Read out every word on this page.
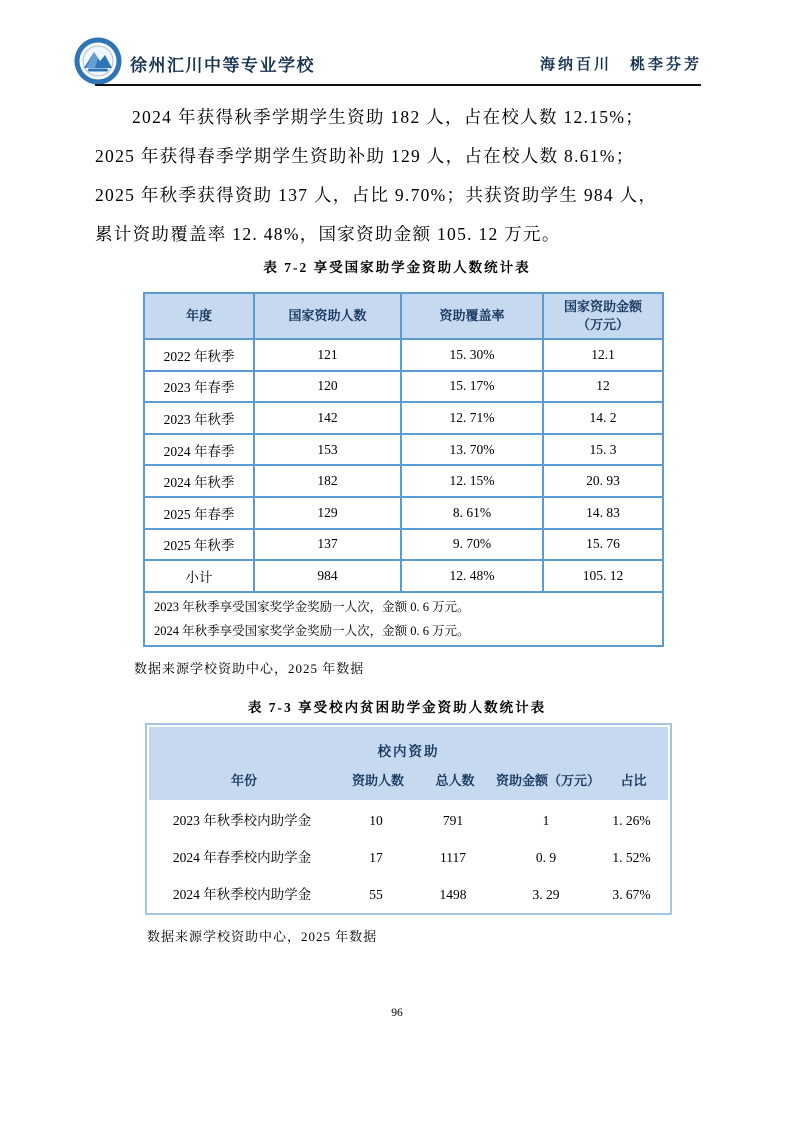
徐州汇川中等专业学校	海纳百川　桃李芬芳
2024 年获得秋季学期学生资助 182 人，占在校人数 12.15%；
2025 年获得春季学期学生资助补助 129 人，占在校人数 8.61%；
2025 年秋季获得资助 137 人，占比 9.70%；共获资助学生 984 人，
累计资助覆盖率 12. 48%，国家资助金额 105. 12 万元。
表 7-2 享受国家助学金资助人数统计表
年度	国家资助人数	资助覆盖率	国家资助金额
（万元）

2022 年秋季	121	15. 30%	12.1
2023 年春季	120	15. 17%	12
2023 年秋季	142	12. 71%	14. 2
2024 年春季	153	13. 70%	15. 3
2024 年秋季	182	12. 15%	20. 93
2025 年春季	129	8. 61%	14. 83
2025 年秋季	137	9. 70%	15. 76
小计	984	12. 48%	105. 12

2023 年秋季享受国家奖学金奖励一人次，金额 0. 6 万元。
2024 年秋季享受国家奖学金奖励一人次，金额 0. 6 万元。			
数据来源学校资助中心，2025 年数据
表 7-3 享受校内贫困助学金资助人数统计表
校内资助
年份	资助人数	总人数	资助金额（万元）	占比
2023 年秋季校内助学金	10	791	1	1. 26%
2024 年春季校内助学金	17	1117	0. 9	1. 52%
2024 年秋季校内助学金	55	1498	3. 29	3. 67%
数据来源学校资助中心，2025 年数据
96
